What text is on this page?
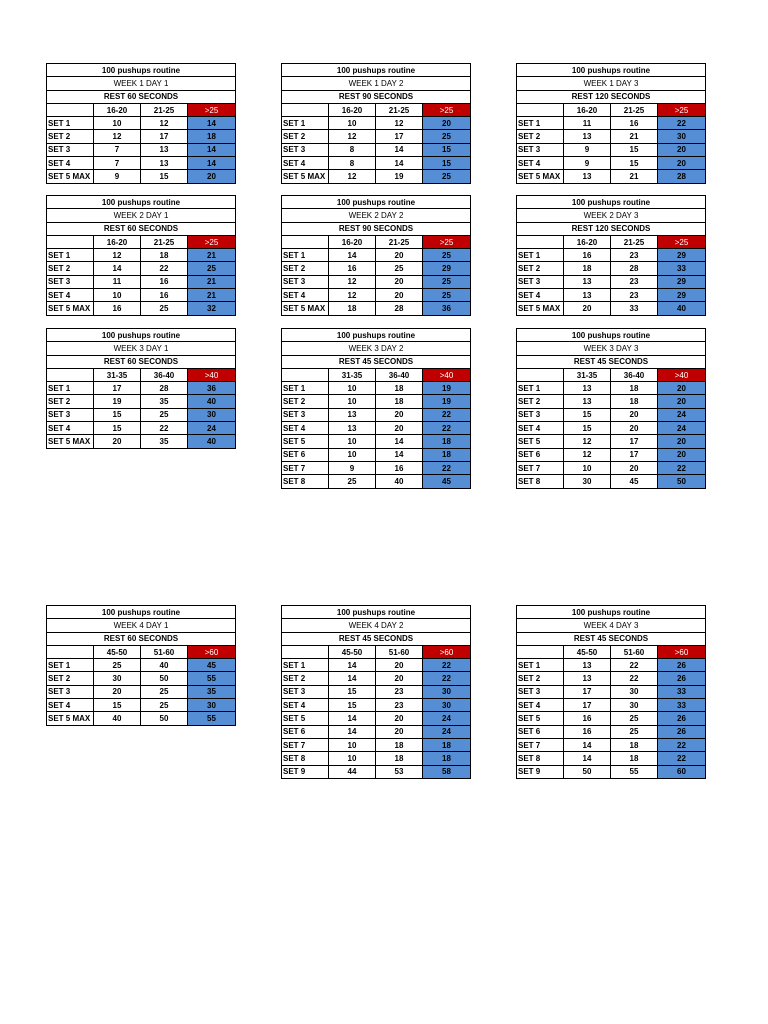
100 pushups routine			
WEEK 1 DAY 1			
REST 60 SECONDS			
	16-20	21-25	>25
SET 1	10	12	14
SET 2	12	17	18
SET 3	7	13	14
SET 4	7	13	14
SET 5 MAX	9	15	20
100 pushups routine			
WEEK 1 DAY 2			
REST 90 SECONDS			
	16-20	21-25	>25
SET 1	10	12	20
SET 2	12	17	25
SET 3	8	14	15
SET 4	8	14	15
SET 5 MAX	12	19	25
100 pushups routine			
WEEK 1 DAY 3			
REST 120 SECONDS			
	16-20	21-25	>25
SET 1	11	16	22
SET 2	13	21	30
SET 3	9	15	20
SET 4	9	15	20
SET 5 MAX	13	21	28
100 pushups routine			
WEEK 2 DAY 1			
REST 60 SECONDS			
	16-20	21-25	>25
SET 1	12	18	21
SET 2	14	22	25
SET 3	11	16	21
SET 4	10	16	21
SET 5 MAX	16	25	32
100 pushups routine			
WEEK 2 DAY 2			
REST 90 SECONDS			
	16-20	21-25	>25
SET 1	14	20	25
SET 2	16	25	29
SET 3	12	20	25
SET 4	12	20	25
SET 5 MAX	18	28	36
100 pushups routine			
WEEK 2 DAY 3			
REST 120 SECONDS			
	16-20	21-25	>25
SET 1	16	23	29
SET 2	18	28	33
SET 3	13	23	29
SET 4	13	23	29
SET 5 MAX	20	33	40
100 pushups routine			
WEEK 3 DAY 1			
REST 60 SECONDS			
	31-35	36-40	>40
SET 1	17	28	36
SET 2	19	35	40
SET 3	15	25	30
SET 4	15	22	24
SET 5 MAX	20	35	40
100 pushups routine			
WEEK 3 DAY 2			
REST 45 SECONDS			
	31-35	36-40	>40
SET 1	10	18	19
SET 2	10	18	19
SET 3	13	20	22
SET 4	13	20	22
SET 5	10	14	18
SET 6	10	14	18
SET 7	9	16	22
SET 8	25	40	45
100 pushups routine			
WEEK 3 DAY 3			
REST 45 SECONDS			
	31-35	36-40	>40
SET 1	13	18	20
SET 2	13	18	20
SET 3	15	20	24
SET 4	15	20	24
SET 5	12	17	20
SET 6	12	17	20
SET 7	10	20	22
SET 8	30	45	50
100 pushups routine			
WEEK 4 DAY 1			
REST 60 SECONDS			
	45-50	51-60	>60
SET 1	25	40	45
SET 2	30	50	55
SET 3	20	25	35
SET 4	15	25	30
SET 5 MAX	40	50	55
100 pushups routine			
WEEK 4 DAY 2			
REST 45 SECONDS			
	45-50	51-60	>60
SET 1	14	20	22
SET 2	14	20	22
SET 3	15	23	30
SET 4	15	23	30
SET 5	14	20	24
SET 6	14	20	24
SET 7	10	18	18
SET 8	10	18	18
SET 9	44	53	58
100 pushups routine			
WEEK 4 DAY 3			
REST 45 SECONDS			
	45-50	51-60	>60
SET 1	13	22	26
SET 2	13	22	26
SET 3	17	30	33
SET 4	17	30	33
SET 5	16	25	26
SET 6	16	25	26
SET 7	14	18	22
SET 8	14	18	22
SET 9	50	55	60
